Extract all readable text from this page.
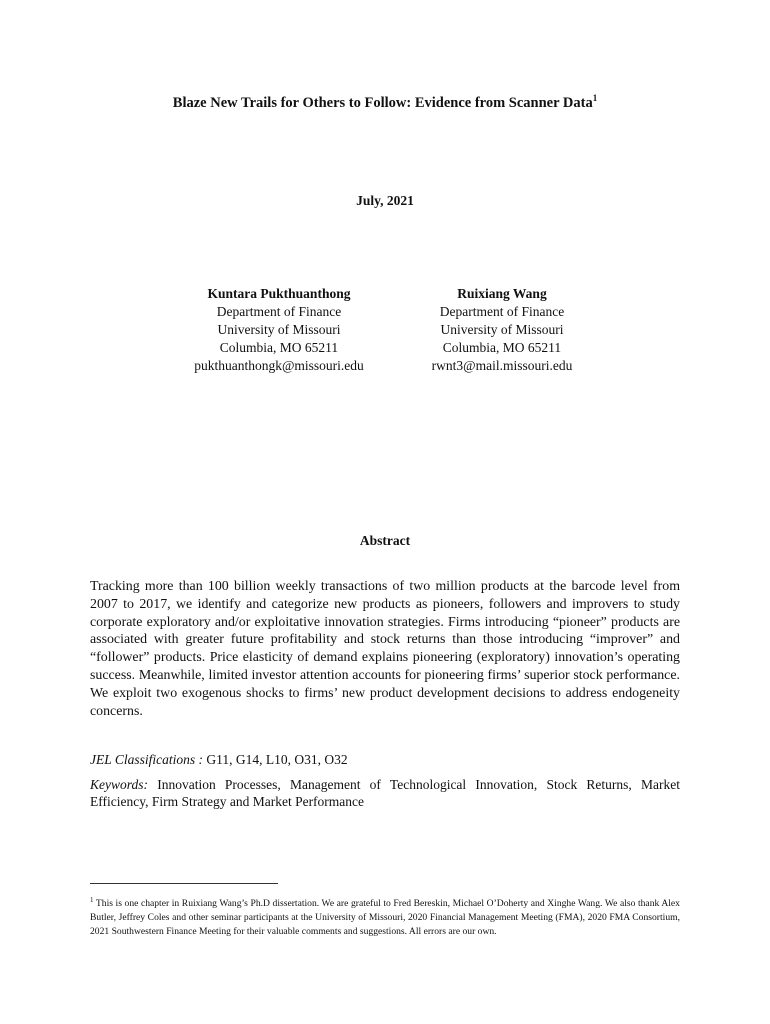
Blaze New Trails for Others to Follow: Evidence from Scanner Data$^1$
July, 2021
Kuntara Pukthuanthong
Department of Finance
University of Missouri
Columbia, MO 65211
pukthuanthongk@missouri.edu
Ruixiang Wang
Department of Finance
University of Missouri
Columbia, MO 65211
rwnt3@mail.missouri.edu
Abstract
Tracking more than 100 billion weekly transactions of two million products at the barcode level from 2007 to 2017, we identify and categorize new products as pioneers, followers and improvers to study corporate exploratory and/or exploitative innovation strategies. Firms introducing “pioneer” products are associated with greater future profitability and stock returns than those introducing “improver” and “follower” products. Price elasticity of demand explains pioneering (exploratory) innovation’s operating success. Meanwhile, limited investor attention accounts for pioneering firms’ superior stock performance. We exploit two exogenous shocks to firms’ new product development decisions to address endogeneity concerns.
JEL Classifications : G11, G14, L10, O31, O32
Keywords: Innovation Processes, Management of Technological Innovation, Stock Returns, Market Efficiency, Firm Strategy and Market Performance
$^1$ This is one chapter in Ruixiang Wang’s Ph.D dissertation. We are grateful to Fred Bereskin, Michael O’Doherty and Xinghe Wang. We also thank Alex Butler, Jeffrey Coles and other seminar participants at the University of Missouri, 2020 Financial Management Meeting (FMA), 2020 FMA Consortium, 2021 Southwestern Finance Meeting for their valuable comments and suggestions. All errors are our own.
